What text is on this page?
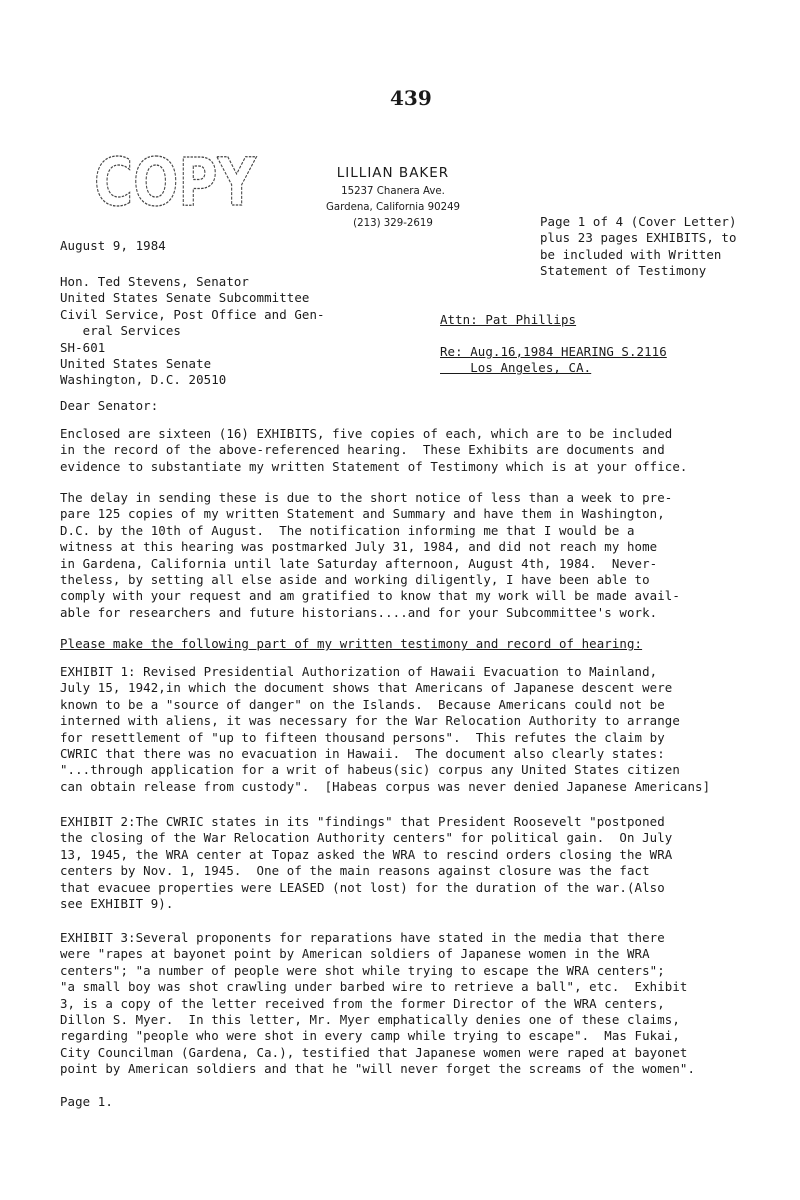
439
COPY	LILLIAN BAKER
15237 Chanera Ave.
Gardena, California 90249
(213) 329-2619	Page 1 of 4 (Cover Letter)
plus 23 pages EXHIBITS, to
be included with Written
Statement of Testimony
August 9, 1984
Hon. Ted Stevens, Senator
United States Senate Subcommittee
Civil Service, Post Office and Gen-
eral Services
SH-601
United States Senate
Washington, D.C. 20510
Attn: Pat Phillips
Re: Aug.16,1984 HEARING S.2116
Los Angeles, CA.
Dear Senator:
Enclosed are sixteen (16) EXHIBITS, five copies of each, which are to be included
in the record of the above-referenced hearing.  These Exhibits are documents and
evidence to substantiate my written Statement of Testimony which is at your office.
The delay in sending these is due to the short notice of less than a week to pre-
pare 125 copies of my written Statement and Summary and have them in Washington,
D.C. by the 10th of August.  The notification informing me that I would be a
witness at this hearing was postmarked July 31, 1984, and did not reach my home
in Gardena, California until late Saturday afternoon, August 4th, 1984.  Never-
theless, by setting all else aside and working diligently, I have been able to
comply with your request and am gratified to know that my work will be made avail-
able for researchers and future historians....and for your Subcommittee's work.
Please make the following part of my written testimony and record of hearing:
EXHIBIT 1: Revised Presidential Authorization of Hawaii Evacuation to Mainland,
July 15, 1942,in which the document shows that Americans of Japanese descent were
known to be a "source of danger" on the Islands.  Because Americans could not be
interned with aliens, it was necessary for the War Relocation Authority to arrange
for resettlement of "up to fifteen thousand persons".  This refutes the claim by
CWRIC that there was no evacuation in Hawaii.  The document also clearly states:
"...through application for a writ of habeus(sic) corpus any United States citizen
can obtain release from custody".  [Habeas corpus was never denied Japanese Americans]
EXHIBIT 2:The CWRIC states in its "findings" that President Roosevelt "postponed
the closing of the War Relocation Authority centers" for political gain.  On July
13, 1945, the WRA center at Topaz asked the WRA to rescind orders closing the WRA
centers by Nov. 1, 1945.  One of the main reasons against closure was the fact
that evacuee properties were LEASED (not lost) for the duration of the war.(Also
see EXHIBIT 9).
EXHIBIT 3:Several proponents for reparations have stated in the media that there
were "rapes at bayonet point by American soldiers of Japanese women in the WRA
centers"; "a number of people were shot while trying to escape the WRA centers";
"a small boy was shot crawling under barbed wire to retrieve a ball", etc.  Exhibit
3, is a copy of the letter received from the former Director of the WRA centers,
Dillon S. Myer.  In this letter, Mr. Myer emphatically denies one of these claims,
regarding "people who were shot in every camp while trying to escape".  Mas Fukai,
City Councilman (Gardena, Ca.), testified that Japanese women were raped at bayonet
point by American soldiers and that he "will never forget the screams of the women".
Page 1.
